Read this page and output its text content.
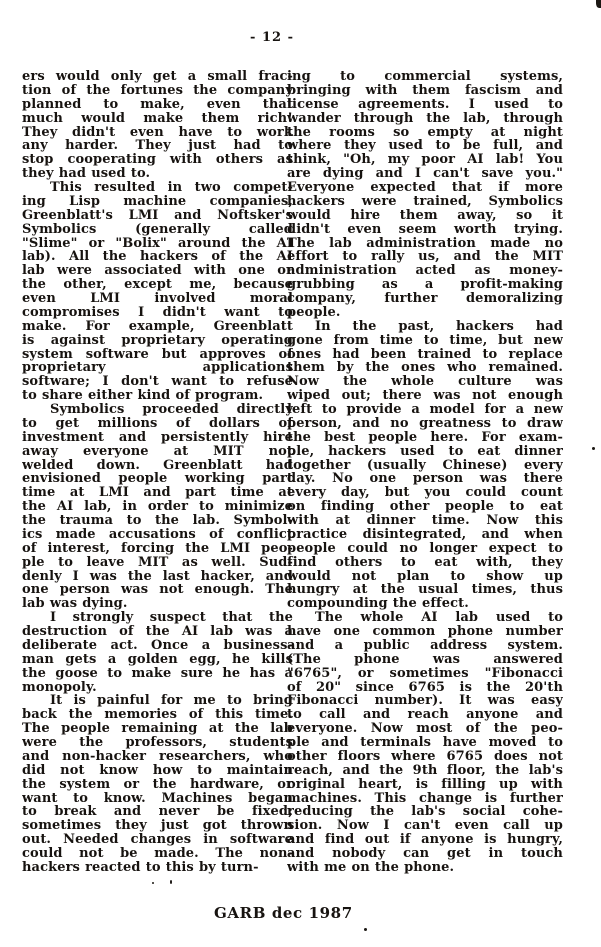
- 12 -
ers would only get a small frac-
tion of the fortunes the company
planned to make, even that
much would make them rich!
They didn't even have to work
any harder. They just had to
stop cooperating with others as
they had used to.
This resulted in two compet-
ing Lisp machine companies,
Greenblatt's LMI and Noftsker's
Symbolics (generally called
"Slime" or "Bolix" around the AI
lab). All the hackers of the AI
lab were associated with one or
the other, except me, because
even LMI involved moral
compromises I didn't want to
make. For example, Greenblatt
is against proprietary operating
system software but approves of
proprietary applications
software; I don't want to refuse
to share either kind of program.
Symbolics proceeded directly
to get millions of dollars of
investment and persistently hire
away everyone at MIT not
welded down. Greenblatt had
envisioned people working part
time at LMI and part time at
the AI lab, in order to minimize
the trauma to the lab. Symbol-
ics made accusations of conflict
of interest, forcing the LMI peo-
ple to leave MIT as well. Sud-
denly I was the last hacker, and
one person was not enough. The
lab was dying.
I strongly suspect that the
destruction of the AI lab was a
deliberate act. Once a business-
man gets a golden egg, he kills
the goose to make sure he has a
monopoly.
It is painful for me to bring
back the memories of this time.
The people remaining at the lab
were the professors, students
and non-hacker researchers, who
did not know how to maintain
the system or the hardware, or
want to know. Machines began
to break and never be fixed;
sometimes they just got thrown
out. Needed changes in software
could not be made. The non-
hackers reacted to this by turn-
ing to commercial systems,
bringing with them fascism and
license agreements. I used to
wander through the lab, through
the rooms so empty at night
where they used to be full, and
think, "Oh, my poor AI lab! You
are dying and I can't save you."
Everyone expected that if more
hackers were trained, Symbolics
would hire them away, so it
didn't even seem worth trying.
The lab administration made no
effort to rally us, and the MIT
administration acted as money-
grubbing as a profit-making
company, further demoralizing
people.
In the past, hackers had
gone from time to time, but new
ones had been trained to replace
them by the ones who remained.
Now the whole culture was
wiped out; there was not enough
left to provide a model for a new
person, and no greatness to draw
the best people here. For exam-
ple, hackers used to eat dinner
together (usually Chinese) every
day. No one person was there
every day, but you could count
on finding other people to eat
with at dinner time. Now this
practice disintegrated, and when
people could no longer expect to
find others to eat with, they
would not plan to show up
hungry at the usual times, thus
compounding the effect.
The whole AI lab used to
have one common phone number
and a public address system.
(The phone was answered
"6765", or sometimes "Fibonacci
of 20" since 6765 is the 20'th
Fibonacci number). It was easy
to call and reach anyone and
everyone. Now most of the peo-
ple and terminals have moved to
other floors where 6765 does not
reach, and the 9th floor, the lab's
original heart, is filling up with
machines. This change is further
reducing the lab's social cohe-
sion. Now I can't even call up
and find out if anyone is hungry,
and nobody can get in touch
with me on the phone.
GARB dec 1987
